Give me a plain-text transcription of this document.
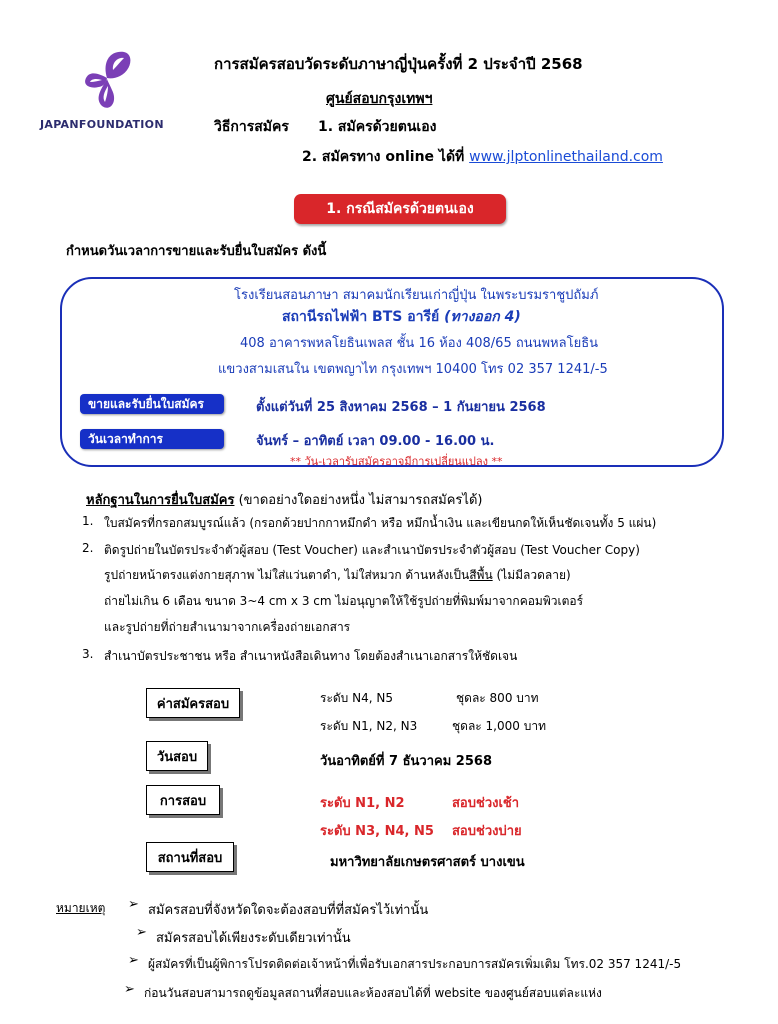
JAPANFOUNDATION
การสมัครสอบวัดระดับภาษาญี่ปุ่นครั้งที่ 2 ประจำปี 2568
ศูนย์สอบกรุงเทพฯ
วิธีการสมัคร 1. สมัครด้วยตนเอง
2. สมัครทาง online ได้ที่ www.jlptonlinethailand.com
1. กรณีสมัครด้วยตนเอง
กำหนดวันเวลาการขายและรับยื่นใบสมัคร ดังนี้
โรงเรียนสอนภาษา สมาคมนักเรียนเก่าญี่ปุ่น ในพระบรมราชูปถัมภ์
สถานีรถไฟฟ้า BTS อารีย์ (ทางออก 4)
408 อาคารพหลโยธินเพลส ชั้น 16 ห้อง 408/65 ถนนพหลโยธิน
แขวงสามเสนใน เขตพญาไท กรุงเทพฯ 10400 โทร 02 357 1241/-5
ขายและรับยื่นใบสมัคร	ตั้งแต่วันที่ 25 สิงหาคม 2568 – 1 กันยายน 2568
วันเวลาทำการ	จันทร์ – อาทิตย์ เวลา 09.00 - 16.00 น.
** วัน-เวลารับสมัครอาจมีการเปลี่ยนแปลง **
หลักฐานในการยื่นใบสมัคร (ขาดอย่างใดอย่างหนึ่ง ไม่สามารถสมัครได้)
1. ใบสมัครที่กรอกสมบูรณ์แล้ว (กรอกด้วยปากกาหมึกดำ หรือ หมึกน้ำเงิน และเขียนกดให้เห็นชัดเจนทั้ง 5 แผ่น)
2. ติดรูปถ่ายในบัตรประจำตัวผู้สอบ (Test Voucher) และสำเนาบัตรประจำตัวผู้สอบ (Test Voucher Copy)
รูปถ่ายหน้าตรงแต่งกายสุภาพ ไม่ใส่แว่นตาดำ, ไม่ใส่หมวก ด้านหลังเป็นสีพื้น (ไม่มีลวดลาย)
ถ่ายไม่เกิน 6 เดือน ขนาด 3~4 cm x 3 cm ไม่อนุญาตให้ใช้รูปถ่ายที่พิมพ์มาจากคอมพิวเตอร์
และรูปถ่ายที่ถ่ายสำเนามาจากเครื่องถ่ายเอกสาร
3. สำเนาบัตรประชาชน หรือ สำเนาหนังสือเดินทาง โดยต้องสำเนาเอกสารให้ชัดเจน
ค่าสมัครสอบ	ระดับ N4, N5	ชุดละ 800 บาท
ระดับ N1, N2, N3	ชุดละ 1,000 บาท
วันสอบ	วันอาทิตย์ที่ 7 ธันวาคม 2568
การสอบ	ระดับ N1, N2	สอบช่วงเช้า
ระดับ N3, N4, N5 สอบช่วงบ่าย
สถานที่สอบ	มหาวิทยาลัยเกษตรศาสตร์ บางเขน
หมายเหตุ ➢ สมัครสอบที่จังหวัดใดจะต้องสอบที่ที่สมัครไว้เท่านั้น
➢ สมัครสอบได้เพียงระดับเดียวเท่านั้น
➢ ผู้สมัครที่เป็นผู้พิการโปรดติดต่อเจ้าหน้าที่เพื่อรับเอกสารประกอบการสมัครเพิ่มเติม โทร.02 357 1241/-5
➢ ก่อนวันสอบสามารถดูข้อมูลสถานที่สอบและห้องสอบได้ที่ website ของศูนย์สอบแต่ละแห่ง
